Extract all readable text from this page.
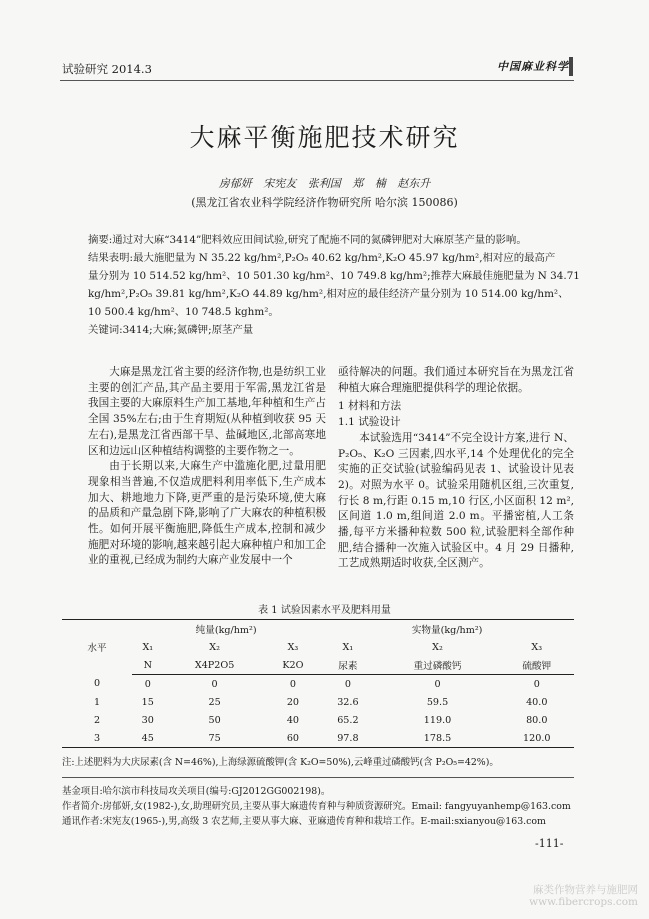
试验研究 2014.3	中国麻业科学
大麻平衡施肥技术研究
房郁妍 宋宪友 张利国 郑 楠 赵东升
(黑龙江省农业科学院经济作物研究所 哈尔滨 150086)
摘要:通过对大麻“3414”肥料效应田间试验,研究了配施不同的氮磷钾肥对大麻原茎产量的影响。
结果表明:最大施肥量为 N 35.22 kg/hm²,P₂O₅ 40.62 kg/hm²,K₂O 45.97 kg/hm²,相对应的最高产
量分别为 10 514.52 kg/hm²、10 501.30 kg/hm²、10 749.8 kg/hm²;推荐大麻最佳施肥量为 N 34.71
kg/hm²,P₂O₅ 39.81 kg/hm²,K₂O 44.89 kg/hm²,相对应的最佳经济产量分别为 10 514.00 kg/hm²、
10 500.4 kg/hm²、10 748.5 kghm²。
关键词:3414;大麻;氮磷钾;原茎产量

大麻是黑龙江省主要的经济作物,也是纺织工业主要的创汇产品,其产品主要用于军需,黑龙江省是我国主要的大麻原料生产加工基地,年种植和生产占全国 35%左右;由于生育期短(从种植到收获 95 天左右),是黑龙江省西部干旱、盐碱地区,北部高寒地区和边远山区种植结构调整的主要作物之一。

由于长期以来,大麻生产中滥施化肥,过量用肥现象相当普遍,不仅造成肥料利用率低下,生产成本加大、耕地地力下降,更严重的是污染环境,使大麻的品质和产量急剧下降,影响了广大麻农的种植积极性。如何开展平衡施肥,降低生产成本,控制和减少施肥对环境的影响,越来越引起大麻种植户和加工企业的重视,已经成为制约大麻产业发展中一个

亟待解决的问题。我们通过本研究旨在为黑龙江省种植大麻合理施肥提供科学的理论依据。

1 材料和方法

1.1 试验设计

本试验选用“3414”不完全设计方案,进行 N、P₂O₅、K₂O 三因素,四水平,14 个处理优化的完全实施的正交试验(试验编码见表 1、试验设计见表 2)。对照为水平 0。试验采用随机区组,三次重复,行长 8 m,行距 0.15 m,10 行区,小区面积 12 m²,区间道 1.0 m,组间道 2.0 m。平播密植,人工条播,每平方米播种粒数 500 粒,试验肥料全部作种肥,结合播种一次施入试验区中。4 月 29 日播种,工艺成熟期适时收获,全区测产。

表 1 试验因素水平及肥料用量
水平	纯量(kg/hm²)			实物量(kg/hm²)		
	X₁	X₂	X₃	X₁	X₂	X₃
	N	X4P2O5	K2O	尿素	重过磷酸钙	硫酸钾
0	0	0	0	0	0	0
1	15	25	20	32.6	59.5	40.0
2	30	50	40	65.2	119.0	80.0
3	45	75	60	97.8	178.5	120.0
注:上述肥料为大庆尿素(含 N=46%),上海绿源硫酸钾(含 K₂O=50%),云峰重过磷酸钙(含 P₂O₅=42%)。
基金项目:哈尔滨市科技局攻关项目(编号:GJ2012GG002198)。
作者简介:房郁妍,女(1982-),女,助理研究员,主要从事大麻遗传育种与种质资源研究。Email: fangyuyanhemp@163.com
通讯作者:宋宪友(1965-),男,高级 3 农艺师,主要从事大麻、亚麻遗传育种和栽培工作。E-mail:sxianyou@163.com
-111-
麻类作物营养与施肥网
www.fibercrops.com
